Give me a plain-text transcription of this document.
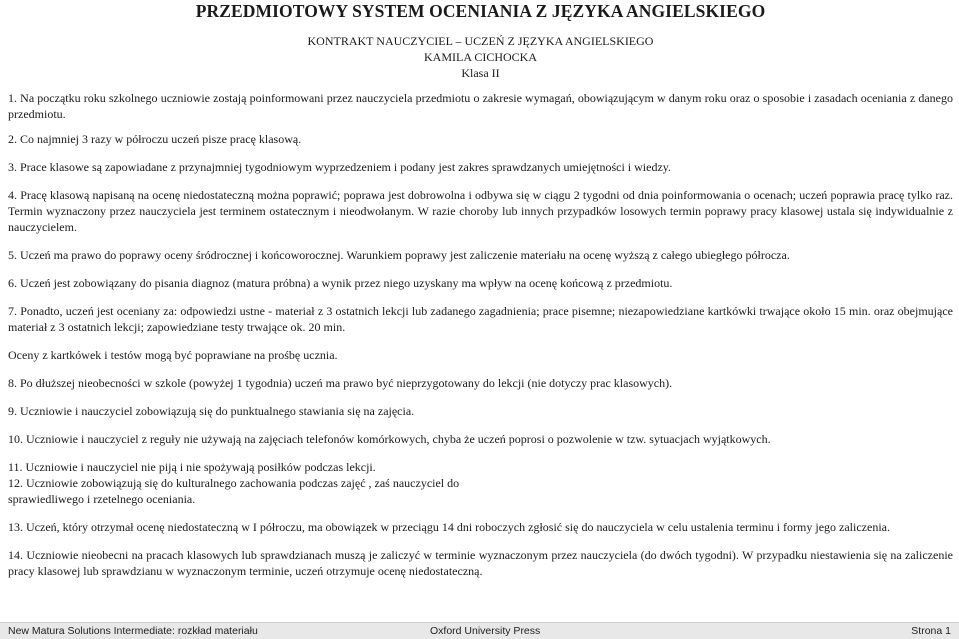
PRZEDMIOTOWY SYSTEM OCENIANIA Z JĘZYKA ANGIELSKIEGO
KONTRAKT NAUCZYCIEL – UCZEŃ Z JĘZYKA ANGIELSKIEGO
KAMILA CICHOCKA
Klasa II

1. Na początku roku szkolnego uczniowie zostają poinformowani przez nauczyciela przedmiotu o zakresie wymagań, obowiązującym w danym roku oraz o sposobie i zasadach oceniania z danego przedmiotu.

2. Co najmniej 3 razy w półroczu uczeń pisze pracę klasową.

3. Prace klasowe są zapowiadane z przynajmniej tygodniowym wyprzedzeniem i podany jest zakres sprawdzanych umiejętności i wiedzy.

4. Pracę klasową napisaną na ocenę niedostateczną można poprawić; poprawa jest dobrowolna i odbywa się w ciągu 2 tygodni od dnia poinformowania o ocenach; uczeń poprawia pracę tylko raz. Termin wyznaczony przez nauczyciela jest terminem ostatecznym i nieodwołanym. W razie choroby lub innych przypadków losowych termin poprawy pracy klasowej ustala się indywidualnie z nauczycielem.

5. Uczeń ma prawo do poprawy oceny śródrocznej i końcoworocznej. Warunkiem poprawy jest zaliczenie materiału na ocenę wyższą z całego ubiegłego półrocza.

6. Uczeń jest zobowiązany do pisania diagnoz (matura próbna) a wynik przez niego uzyskany ma wpływ na ocenę końcową z przedmiotu.

7. Ponadto, uczeń jest oceniany za: odpowiedzi ustne - materiał z 3 ostatnich lekcji lub zadanego zagadnienia; prace pisemne; niezapowiedziane kartkówki trwające około 15 min. oraz obejmujące materiał z 3 ostatnich lekcji; zapowiedziane testy trwające ok. 20 min.

Oceny z kartkówek i testów mogą być poprawiane na prośbę ucznia.

8. Po dłuższej nieobecności w szkole (powyżej 1 tygodnia) uczeń ma prawo być nieprzygotowany do lekcji (nie dotyczy prac klasowych).

9. Uczniowie i nauczyciel zobowiązują się do punktualnego stawiania się na zajęcia.

10. Uczniowie i nauczyciel z reguły nie używają na zajęciach telefonów komórkowych, chyba że uczeń poprosi o pozwolenie w tzw. sytuacjach wyjątkowych.

11. Uczniowie i nauczyciel nie piją i nie spożywają posiłków podczas lekcji.

12. Uczniowie zobowiązują się do kulturalnego zachowania podczas zajęć , zaś nauczyciel do sprawiedliwego i rzetelnego oceniania.

13. Uczeń, który otrzymał ocenę niedostateczną w I półroczu, ma obowiązek w przeciągu 14 dni roboczych zgłosić się do nauczyciela w celu ustalenia terminu i formy jego zaliczenia.

14. Uczniowie nieobecni na pracach klasowych lub sprawdzianach muszą je zaliczyć w terminie wyznaczonym przez nauczyciela (do dwóch tygodni). W przypadku niestawienia się na zaliczenie pracy klasowej lub sprawdzianu w wyznaczonym terminie, uczeń otrzymuje ocenę niedostateczną.

New Matura Solutions Intermediate: rozkład materiału	Oxford University Press	Strona 1
